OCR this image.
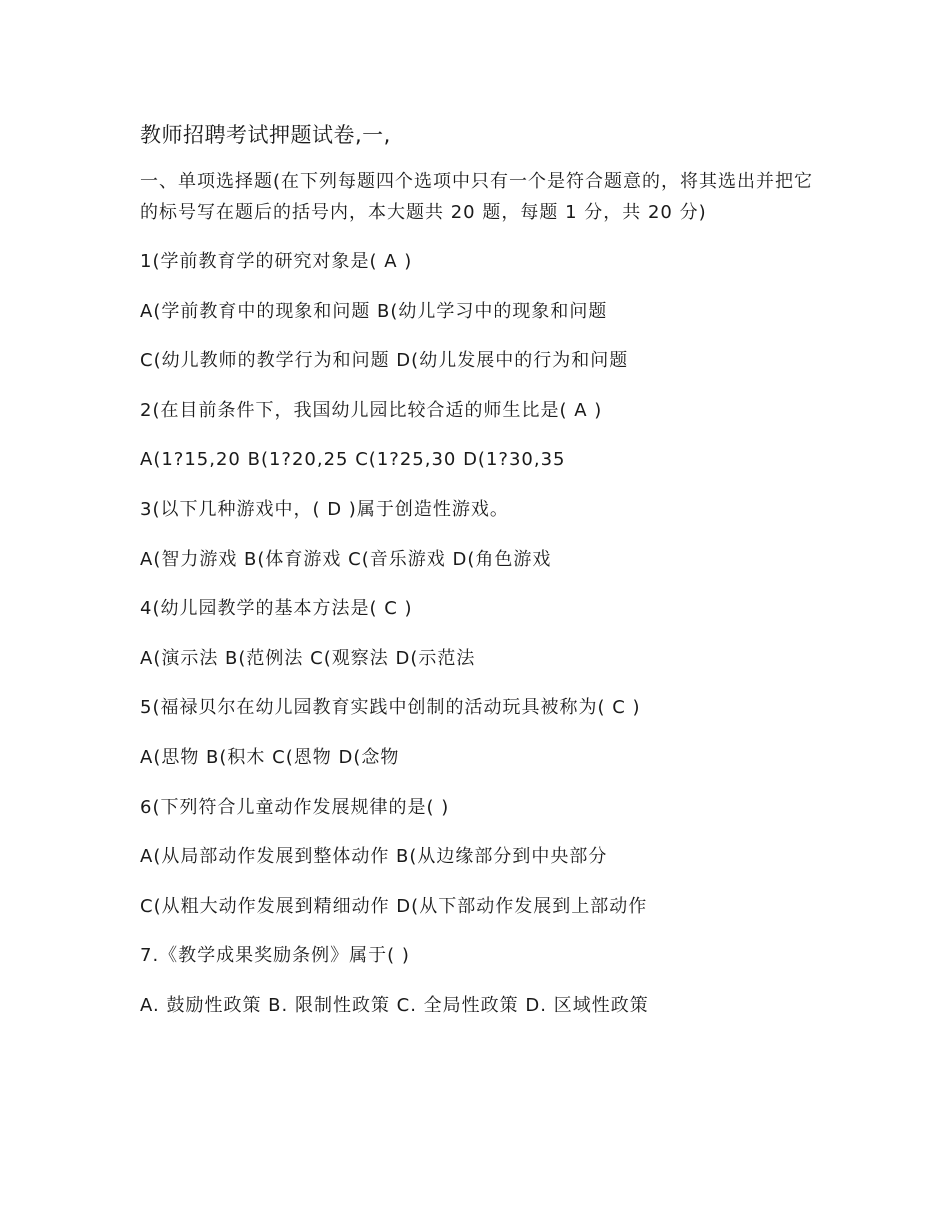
教师招聘考试押题试卷,一,
一、单项选择题(在下列每题四个选项中只有一个是符合题意的，将其选出并把它的标号写在题后的括号内，本大题共 20 题，每题 1 分，共 20 分)
1(学前教育学的研究对象是( A )
A(学前教育中的现象和问题 B(幼儿学习中的现象和问题
C(幼儿教师的教学行为和问题 D(幼儿发展中的行为和问题
2(在目前条件下，我国幼儿园比较合适的师生比是( A )
A(1?15,20 B(1?20,25 C(1?25,30 D(1?30,35
3(以下几种游戏中，( D )属于创造性游戏。
A(智力游戏 B(体育游戏 C(音乐游戏 D(角色游戏
4(幼儿园教学的基本方法是( C )
A(演示法 B(范例法 C(观察法 D(示范法
5(福禄贝尔在幼儿园教育实践中创制的活动玩具被称为( C )
A(思物 B(积木 C(恩物 D(念物
6(下列符合儿童动作发展规律的是( )
A(从局部动作发展到整体动作 B(从边缘部分到中央部分
C(从粗大动作发展到精细动作 D(从下部动作发展到上部动作
7.《教学成果奖励条例》属于( )
A. 鼓励性政策 B. 限制性政策 C. 全局性政策 D. 区域性政策
